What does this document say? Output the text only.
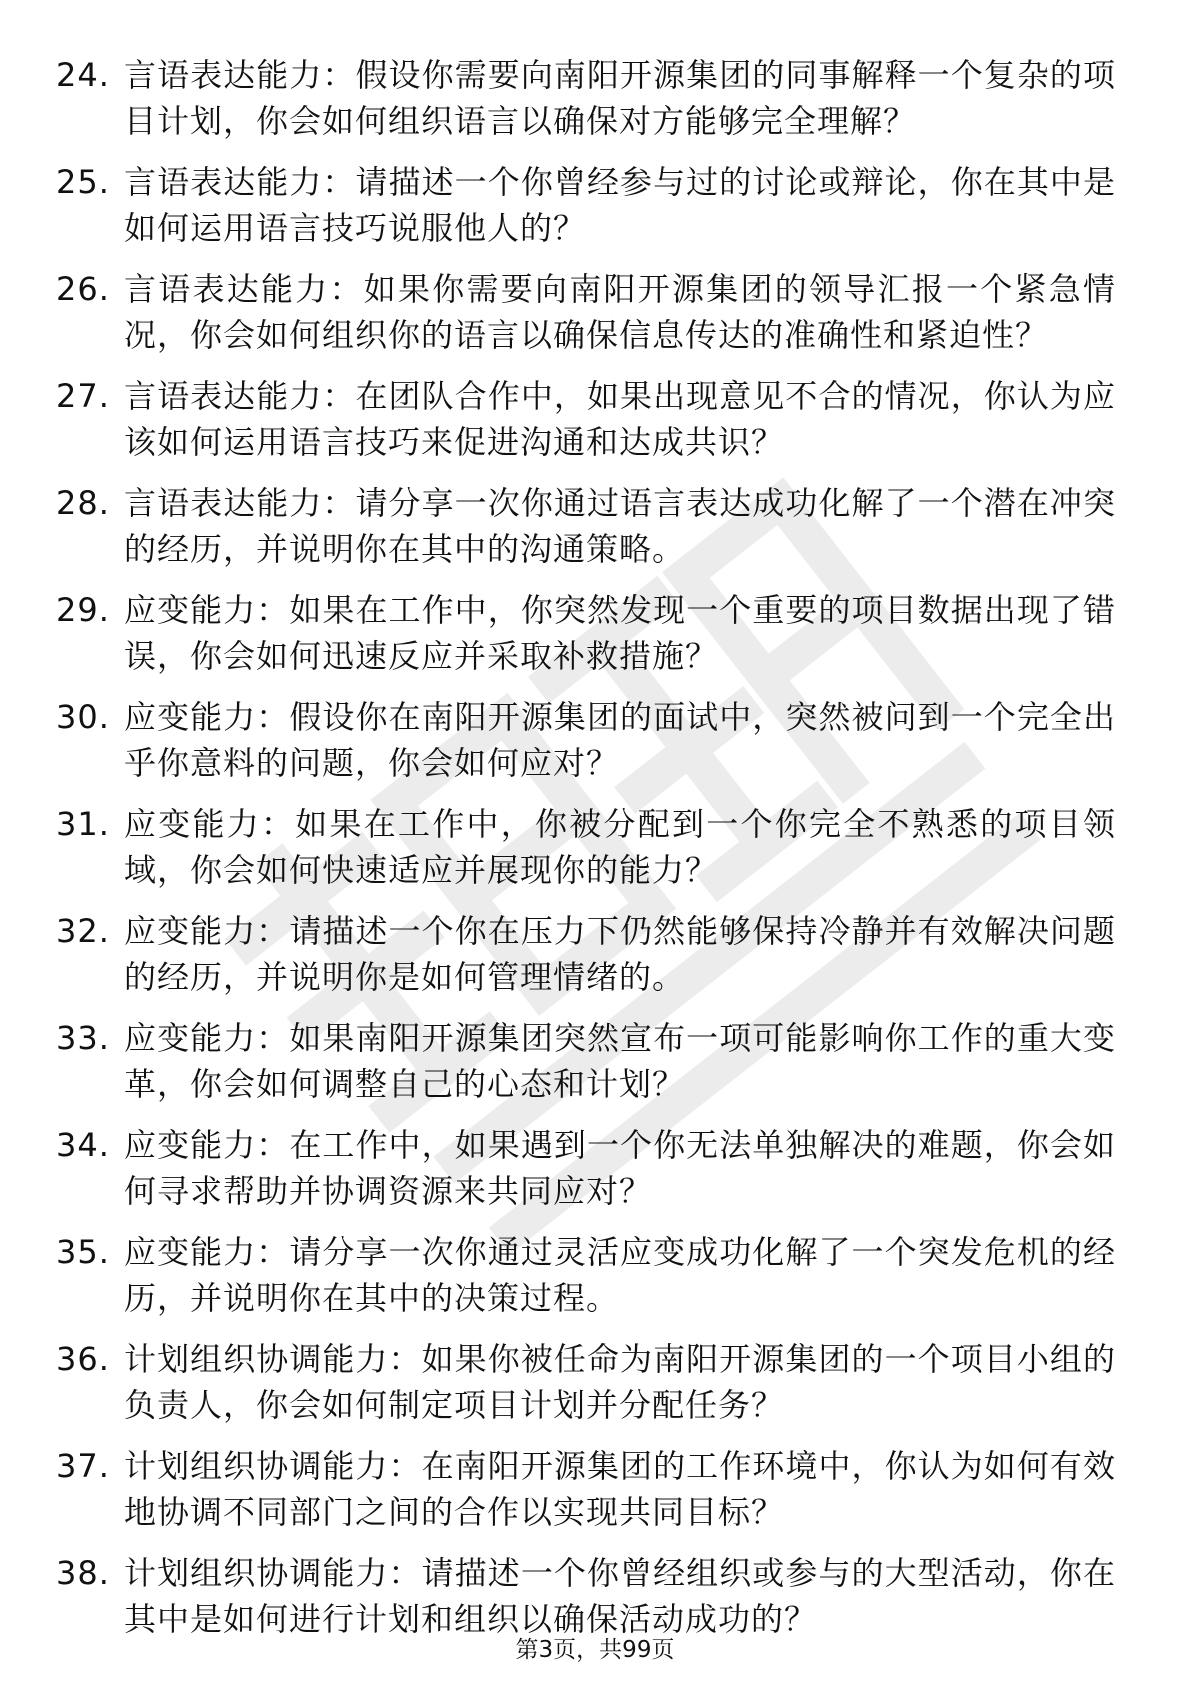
24. 言语表达能力：假设你需要向南阳开源集团的同事解释一个复杂的项目计划，你会如何组织语言以确保对方能够完全理解？
25. 言语表达能力：请描述一个你曾经参与过的讨论或辩论，你在其中是如何运用语言技巧说服他人的？
26. 言语表达能力：如果你需要向南阳开源集团的领导汇报一个紧急情况，你会如何组织你的语言以确保信息传达的准确性和紧迫性？
27. 言语表达能力：在团队合作中，如果出现意见不合的情况，你认为应该如何运用语言技巧来促进沟通和达成共识？
28. 言语表达能力：请分享一次你通过语言表达成功化解了一个潜在冲突的经历，并说明你在其中的沟通策略。
29. 应变能力：如果在工作中，你突然发现一个重要的项目数据出现了错误，你会如何迅速反应并采取补救措施？
30. 应变能力：假设你在南阳开源集团的面试中，突然被问到一个完全出乎你意料的问题，你会如何应对？
31. 应变能力：如果在工作中，你被分配到一个你完全不熟悉的项目领域，你会如何快速适应并展现你的能力？
32. 应变能力：请描述一个你在压力下仍然能够保持冷静并有效解决问题的经历，并说明你是如何管理情绪的。
33. 应变能力：如果南阳开源集团突然宣布一项可能影响你工作的重大变革，你会如何调整自己的心态和计划？
34. 应变能力：在工作中，如果遇到一个你无法单独解决的难题，你会如何寻求帮助并协调资源来共同应对？
35. 应变能力：请分享一次你通过灵活应变成功化解了一个突发危机的经历，并说明你在其中的决策过程。
36. 计划组织协调能力：如果你被任命为南阳开源集团的一个项目小组的负责人，你会如何制定项目计划并分配任务？
37. 计划组织协调能力：在南阳开源集团的工作环境中，你认为如何有效地协调不同部门之间的合作以实现共同目标？
38. 计划组织协调能力：请描述一个你曾经组织或参与的大型活动，你在其中是如何进行计划和组织以确保活动成功的？
第3页，共99页
